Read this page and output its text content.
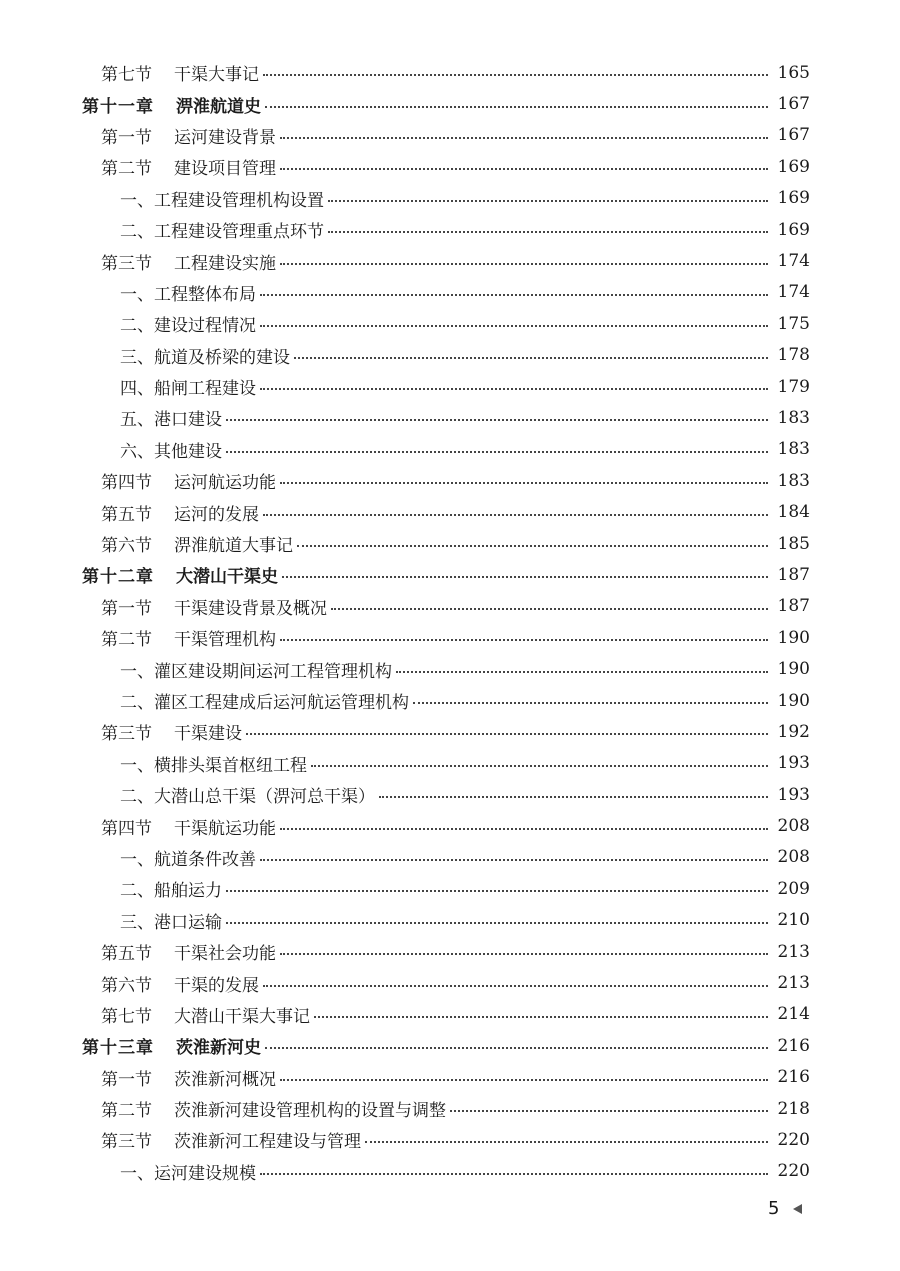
第七节 干渠大事记	165
第十一章 淠淮航道史	167
第一节 运河建设背景	167
第二节 建设项目管理	169
一、工程建设管理机构设置	169
二、工程建设管理重点环节	169
第三节 工程建设实施	174
一、工程整体布局	174
二、建设过程情况	175
三、航道及桥梁的建设	178
四、船闸工程建设	179
五、港口建设	183
六、其他建设	183
第四节 运河航运功能	183
第五节 运河的发展	184
第六节 淠淮航道大事记	185
第十二章 大潜山干渠史	187
第一节 干渠建设背景及概况	187
第二节 干渠管理机构	190
一、灌区建设期间运河工程管理机构	190
二、灌区工程建成后运河航运管理机构	190
第三节 干渠建设	192
一、横排头渠首枢纽工程	193
二、大潜山总干渠（淠河总干渠）	193
第四节 干渠航运功能	208
一、航道条件改善	208
二、船舶运力	209
三、港口运输	210
第五节 干渠社会功能	213
第六节 干渠的发展	213
第七节 大潜山干渠大事记	214
第十三章 茨淮新河史	216
第一节 茨淮新河概况	216
第二节 茨淮新河建设管理机构的设置与调整	218
第三节 茨淮新河工程建设与管理	220
一、运河建设规模	220
5
